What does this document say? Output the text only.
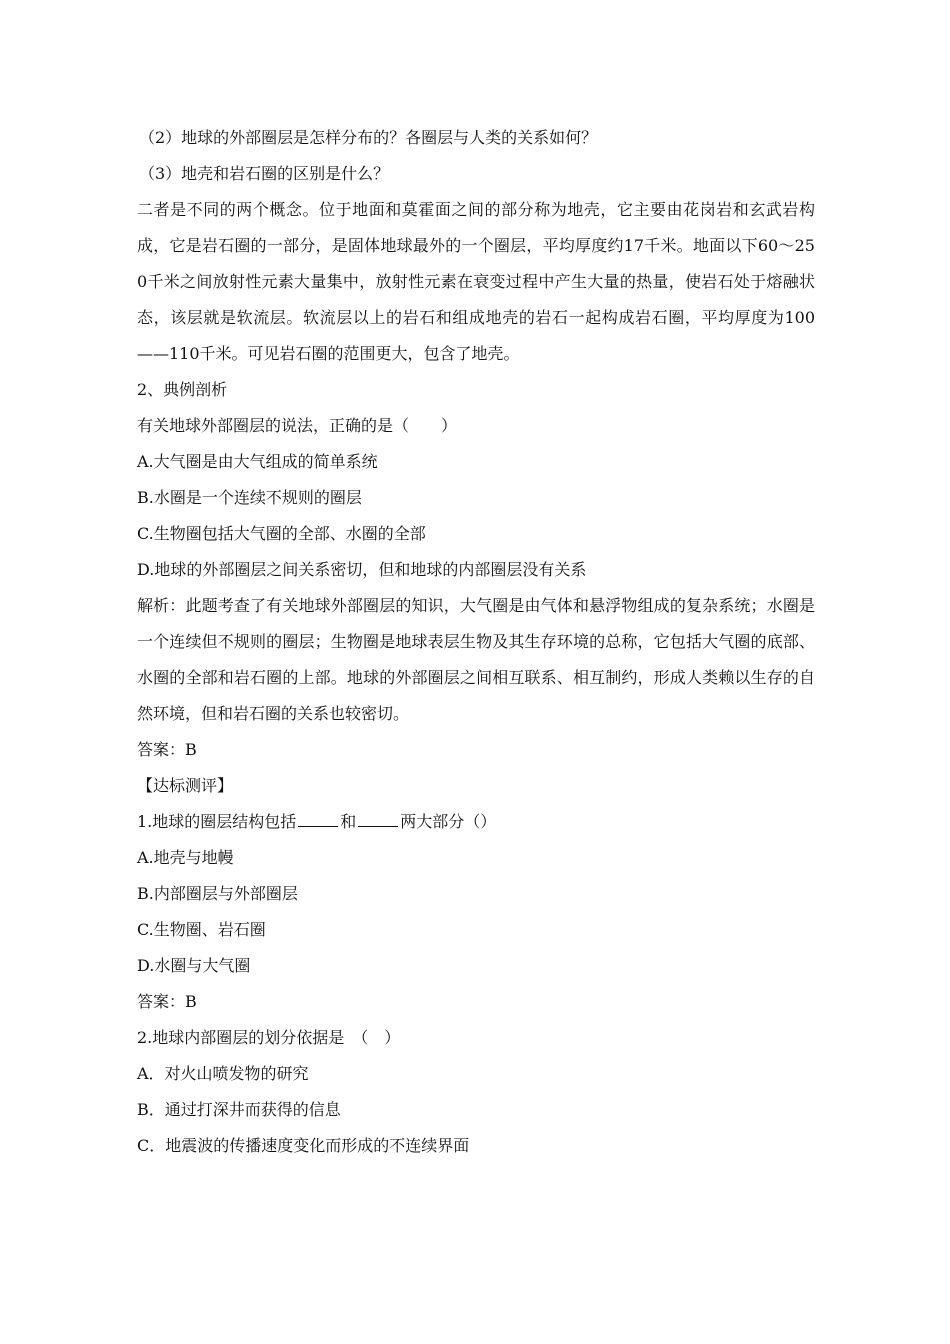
（2）地球的外部圈层是怎样分布的？各圈层与人类的关系如何？
（3）地壳和岩石圈的区别是什么？
二者是不同的两个概念。位于地面和莫霍面之间的部分称为地壳，它主要由花岗岩和玄武岩构成，它是岩石圈的一部分，是固体地球最外的一个圈层，平均厚度约17千米。地面以下60～250千米之间放射性元素大量集中，放射性元素在衰变过程中产生大量的热量，使岩石处于熔融状态，该层就是软流层。软流层以上的岩石和组成地壳的岩石一起构成岩石圈，平均厚度为100——110千米。可见岩石圈的范围更大，包含了地壳。
2、典例剖析
有关地球外部圈层的说法，正确的是（　　）
A.大气圈是由大气组成的简单系统
B.水圈是一个连续不规则的圈层
C.生物圈包括大气圈的全部、水圈的全部
D.地球的外部圈层之间关系密切，但和地球的内部圈层没有关系
解析：此题考查了有关地球外部圈层的知识，大气圈是由气体和悬浮物组成的复杂系统；水圈是一个连续但不规则的圈层；生物圈是地球表层生物及其生存环境的总称，它包括大气圈的底部、水圈的全部和岩石圈的上部。地球的外部圈层之间相互联系、相互制约，形成人类赖以生存的自然环境，但和岩石圈的关系也较密切。
答案：B
【达标测评】
1.地球的圈层结构包括	和	两大部分（）
A.地壳与地幔
B.内部圈层与外部圈层
C.生物圈、岩石圈
D.水圈与大气圈
答案：B
2.地球内部圈层的划分依据是　（　）
A．对火山喷发物的研究
B．通过打深井而获得的信息
C．地震波的传播速度变化而形成的不连续界面
